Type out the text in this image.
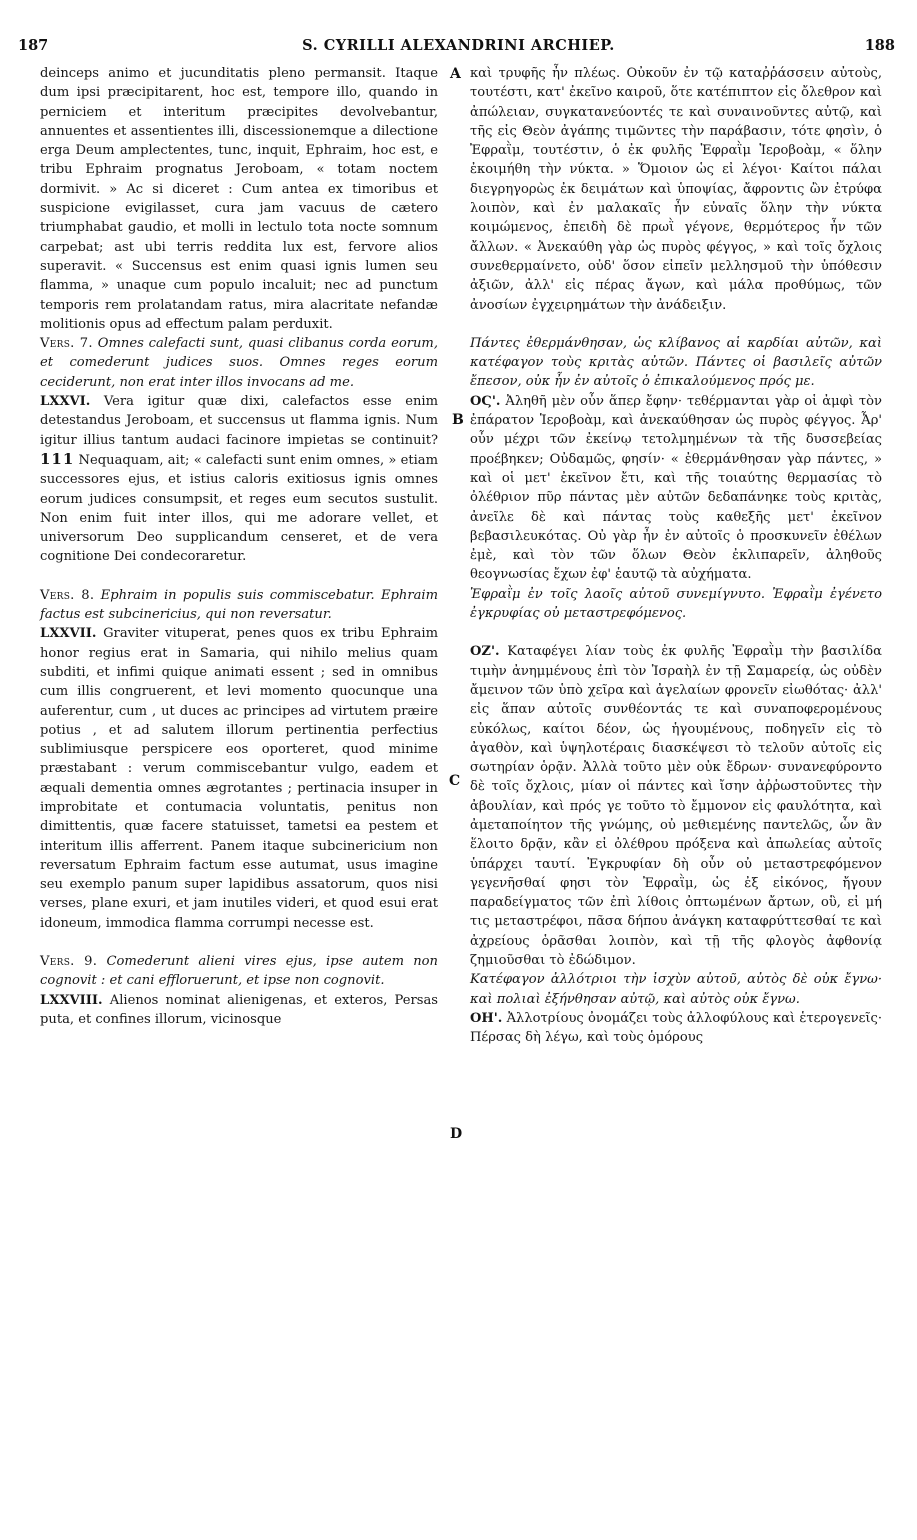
187	S. CYRILLI ALEXANDRINI ARCHIEP.	188
A
B
C
D

deinceps animo et jucunditatis pleno permansit. Itaque dum ipsi præcipitarent, hoc est, tempore illo, quando in perniciem et interitum præcipites devolvebantur, annuentes et assentientes illi, discessionemque a dilectione erga Deum amplectentes, tunc, inquit, Ephraim, hoc est, e tribu Ephraim prognatus Jeroboam, « totam noctem dormivit. » Ac si diceret : Cum antea ex timoribus et suspicione evigilasset, cura jam vacuus de cætero triumphabat gaudio, et molli in lectulo tota nocte somnum carpebat; ast ubi terris reddita lux est, fervore alios superavit. « Succensus est enim quasi ignis lumen seu flamma, » unaque cum populo incaluit; nec ad punctum temporis rem prolatandam ratus, mira alacritate nefandæ molitionis opus ad effectum palam perduxit.

Vers. 7. Omnes calefacti sunt, quasi clibanus corda eorum, et comederunt judices suos. Omnes reges eorum ceciderunt, non erat inter illos invocans ad me.

LXXVI. Vera igitur quæ dixi, calefactos esse enim detestandus Jeroboam, et succensus ut flamma ignis. Num igitur illius tantum audaci facinore impietas se continuit? 111 Nequaquam, ait; « calefacti sunt enim omnes, » etiam successores ejus, et istius caloris exitiosus ignis omnes eorum judices consumpsit, et reges eum secutos sustulit. Non enim fuit inter illos, qui me adorare vellet, et universorum Deo supplicandum censeret, et de vera cognitione Dei condecoraretur.

Vers. 8. Ephraim in populis suis commiscebatur. Ephraim factus est subcinericius, qui non reversatur.

LXXVII. Graviter vituperat, penes quos ex tribu Ephraim honor regius erat in Samaria, qui nihilo melius quam subditi, et infimi quique animati essent ; sed in omnibus cum illis congruerent, et levi momento quocunque una auferentur, cum , ut duces ac principes ad virtutem præire potius , et ad salutem illorum pertinentia perfectius sublimiusque perspicere eos oporteret, quod minime præstabant : verum commiscebantur vulgo, eadem et æquali dementia omnes ægrotantes ; pertinacia insuper in improbitate et contumacia voluntatis, penitus non dimittentis, quæ facere statuisset, tametsi ea pestem et interitum illis afferrent. Panem itaque subcinericium non reversatum Ephraim factum esse autumat, usus imagine seu exemplo panum super lapidibus assatorum, quos nisi verses, plane exuri, et jam inutiles videri, et quod esui erat idoneum, immodica flamma corrumpi necesse est.

Vers. 9. Comederunt alieni vires ejus, ipse autem non cognovit : et cani effloruerunt, et ipse non cognovit.

LXXVIII. Alienos nominat alienigenas, et exteros, Persas puta, et confines illorum, vicinosque

καὶ τρυφῆς ἦν πλέως. Οὐκοῦν ἐν τῷ καταῤῥάσσειν αὐτοὺς, τουτέστι, κατ' ἐκεῖνο καιροῦ, ὅτε κατέπιπτον εἰς ὄλεθρον καὶ ἀπώλειαν, συγκατανεύοντές τε καὶ συναινοῦντες αὐτῷ, καὶ τῆς εἰς Θεὸν ἀγάπης τιμῶντες τὴν παράβασιν, τότε φησὶν, ὁ Ἐφραῒμ, τουτέστιν, ὁ ἐκ φυλῆς Ἐφραῒμ Ἱεροβοὰμ, « ὅλην ἐκοιμήθη τὴν νύκτα. » Ὅμοιον ὡς εἰ λέγοι· Καίτοι πάλαι διεγρηγορὼς ἐκ δειμάτων καὶ ὑποψίας, ἄφροντις ὢν ἐτρύφα λοιπὸν, καὶ ἐν μαλακαῖς ἦν εὐναῖς ὅλην τὴν νύκτα κοιμώμενος, ἐπειδὴ δὲ πρωῒ γέγονε, θερμότερος ἦν τῶν ἄλλων. « Ἀνεκαύθη γὰρ ὡς πυρὸς φέγγος, » καὶ τοῖς ὄχλοις συνεθερμαίνετο, οὐδ' ὅσον εἰπεῖν μελλησμοῦ τὴν ὑπόθεσιν ἀξιῶν, ἀλλ' εἰς πέρας ἄγων, καὶ μάλα προθύμως, τῶν ἀνοσίων ἐγχειρημάτων τὴν ἀνάδειξιν.

Πάντες ἐθερμάνθησαν, ὡς κλίβανος αἱ καρδίαι αὐτῶν, καὶ κατέφαγον τοὺς κριτὰς αὐτῶν. Πάντες οἱ βασιλεῖς αὐτῶν ἔπεσον, οὐκ ἦν ἐν αὐτοῖς ὁ ἐπικαλούμενος πρός με.

ΟϚ'. Ἀληθῆ μὲν οὖν ἅπερ ἔφην· τεθέρμανται γὰρ οἱ ἀμφὶ τὸν ἐπάρατον Ἱεροβοὰμ, καὶ ἀνεκαύθησαν ὡς πυρὸς φέγγος. Ἆρ' οὖν μέχρι τῶν ἐκείνῳ τετολμημένων τὰ τῆς δυσσεβείας προέβηκεν; Οὐδαμῶς, φησίν· « ἐθερμάνθησαν γὰρ πάντες, » καὶ οἱ μετ' ἐκεῖνον ἔτι, καὶ τῆς τοιαύτης θερμασίας τὸ ὀλέθριον πῦρ πάντας μὲν αὐτῶν δεδαπάνηκε τοὺς κριτὰς, ἀνεῖλε δὲ καὶ πάντας τοὺς καθεξῆς μετ' ἐκεῖνον βεβασιλευκότας. Οὐ γὰρ ἦν ἐν αὐτοῖς ὁ προσκυνεῖν ἐθέλων ἐμὲ, καὶ τὸν τῶν ὅλων Θεὸν ἐκλιπαρεῖν, ἀληθοῦς θεογνωσίας ἔχων ἐφ' ἑαυτῷ τὰ αὐχήματα.

Ἐφραῒμ ἐν τοῖς λαοῖς αὐτοῦ συνεμίγνυτο. Ἐφραῒμ ἐγένετο ἐγκρυφίας οὐ μεταστρεφόμενος.

ΟΖ'. Καταφέγει λίαν τοὺς ἐκ φυλῆς Ἐφραῒμ τὴν βασιλίδα τιμὴν ἀνημμένους ἐπὶ τὸν Ἰσραὴλ ἐν τῇ Σαμαρείᾳ, ὡς οὐδὲν ἄμεινον τῶν ὑπὸ χεῖρα καὶ ἀγελαίων φρονεῖν εἰωθότας· ἀλλ' εἰς ἅπαν αὐτοῖς συνθέοντάς τε καὶ συναποφερομένους εὐκόλως, καίτοι δέον, ὡς ἡγουμένους, ποδηγεῖν εἰς τὸ ἀγαθὸν, καὶ ὑψηλοτέραις διασκέψεσι τὸ τελοῦν αὐτοῖς εἰς σωτηρίαν ὁρᾷν. Ἀλλὰ τοῦτο μὲν οὐκ ἔδρων· συνανεφύροντο δὲ τοῖς ὄχλοις, μίαν οἱ πάντες καὶ ἴσην ἀῤῥωστοῦντες τὴν ἀβουλίαν, καὶ πρός γε τοῦτο τὸ ἔμμονον εἰς φαυλότητα, καὶ ἀμεταποίητον τῆς γνώμης, οὐ μεθιεμένης παντελῶς, ὧν ἂν ἕλοιτο δρᾷν, κἂν εἰ ὀλέθρου πρόξενα καὶ ἀπωλείας αὐτοῖς ὑπάρχει ταυτί. Ἐγκρυφίαν δὴ οὖν οὐ μεταστρεφόμενον γεγενῆσθαί φησι τὸν Ἐφραῒμ, ὡς ἐξ εἰκόνος, ἤγουν παραδείγματος τῶν ἐπὶ λίθοις ὀπτωμένων ἄρτων, οὓ, εἰ μή τις μεταστρέφοι, πᾶσα δήπου ἀνάγκη καταφρύττεσθαί τε καὶ ἀχρείους ὁρᾶσθαι λοιπὸν, καὶ τῇ τῆς φλογὸς ἀφθονίᾳ ζημιοῦσθαι τὸ ἐδώδιμον.

Κατέφαγον ἀλλότριοι τὴν ἰσχὺν αὐτοῦ, αὐτὸς δὲ οὐκ ἔγνω· καὶ πολιαὶ ἐξήνθησαν αὐτῷ, καὶ αὐτὸς οὐκ ἔγνω.

ΟΗ'. Ἀλλοτρίους ὀνομάζει τοὺς ἀλλοφύλους καὶ ἑτερογενεῖς· Πέρσας δὴ λέγω, καὶ τοὺς ὁμόρους
